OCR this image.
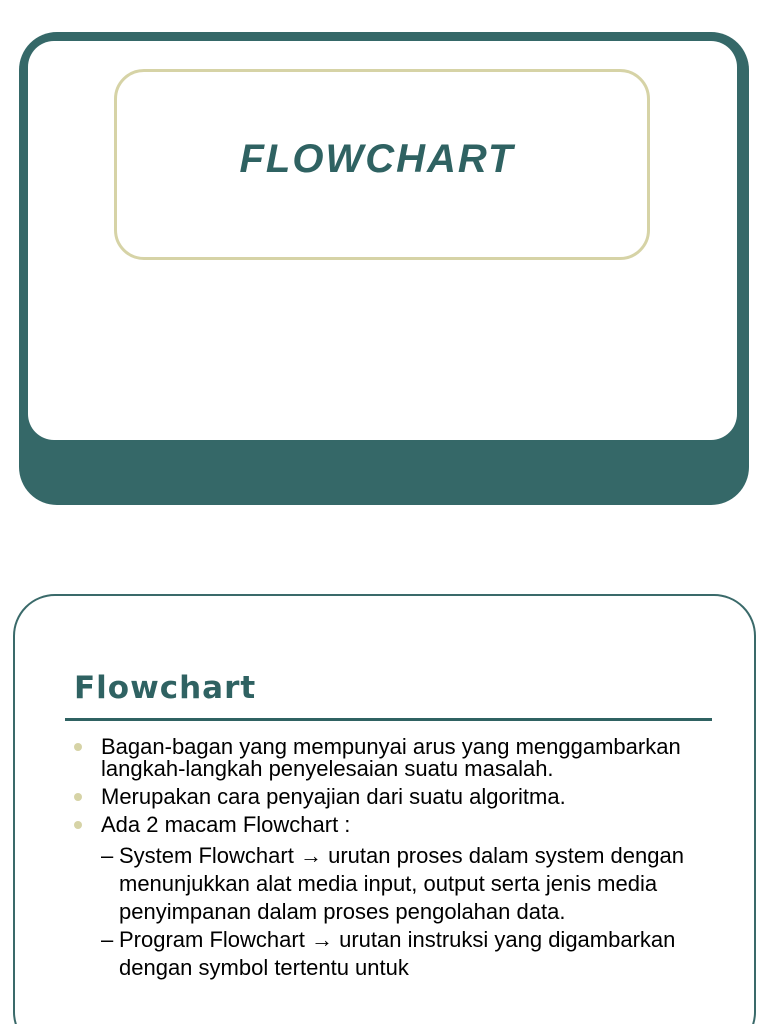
FLOWCHART
Flowchart
Bagan-bagan yang mempunyai arus yang menggambarkan langkah-langkah penyelesaian suatu masalah.
Merupakan cara penyajian dari suatu algoritma.
Ada 2 macam Flowchart :
– System Flowchart → urutan proses dalam system dengan menunjukkan alat media input, output serta jenis media penyimpanan dalam proses pengolahan data.
– Program Flowchart → urutan instruksi yang digambarkan dengan symbol tertentu untuk
